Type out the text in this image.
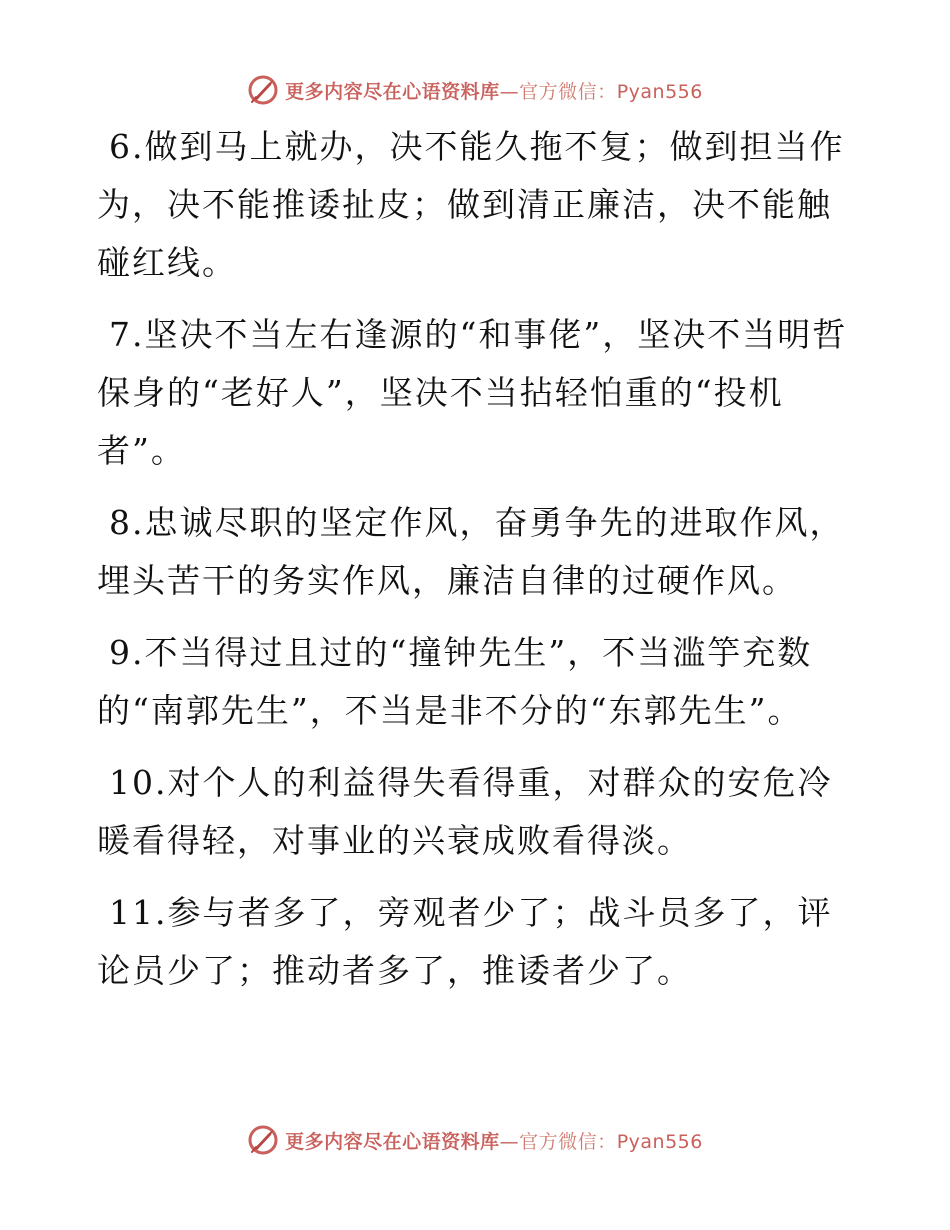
更多内容尽在心语资料库—官方微信：Pyan556

6.做到马上就办，决不能久拖不复；做到担当作为，决不能推诿扯皮；做到清正廉洁，决不能触碰红线。

7.坚决不当左右逢源的“和事佬”，坚决不当明哲保身的“老好人”，坚决不当拈轻怕重的“投机者”。

8.忠诚尽职的坚定作风，奋勇争先的进取作风，埋头苦干的务实作风，廉洁自律的过硬作风。

9.不当得过且过的“撞钟先生”，不当滥竽充数的“南郭先生”，不当是非不分的“东郭先生”。

10.对个人的利益得失看得重，对群众的安危冷暖看得轻，对事业的兴衰成败看得淡。

11.参与者多了，旁观者少了；战斗员多了，评论员少了；推动者多了，推诿者少了。

更多内容尽在心语资料库—官方微信：Pyan556
